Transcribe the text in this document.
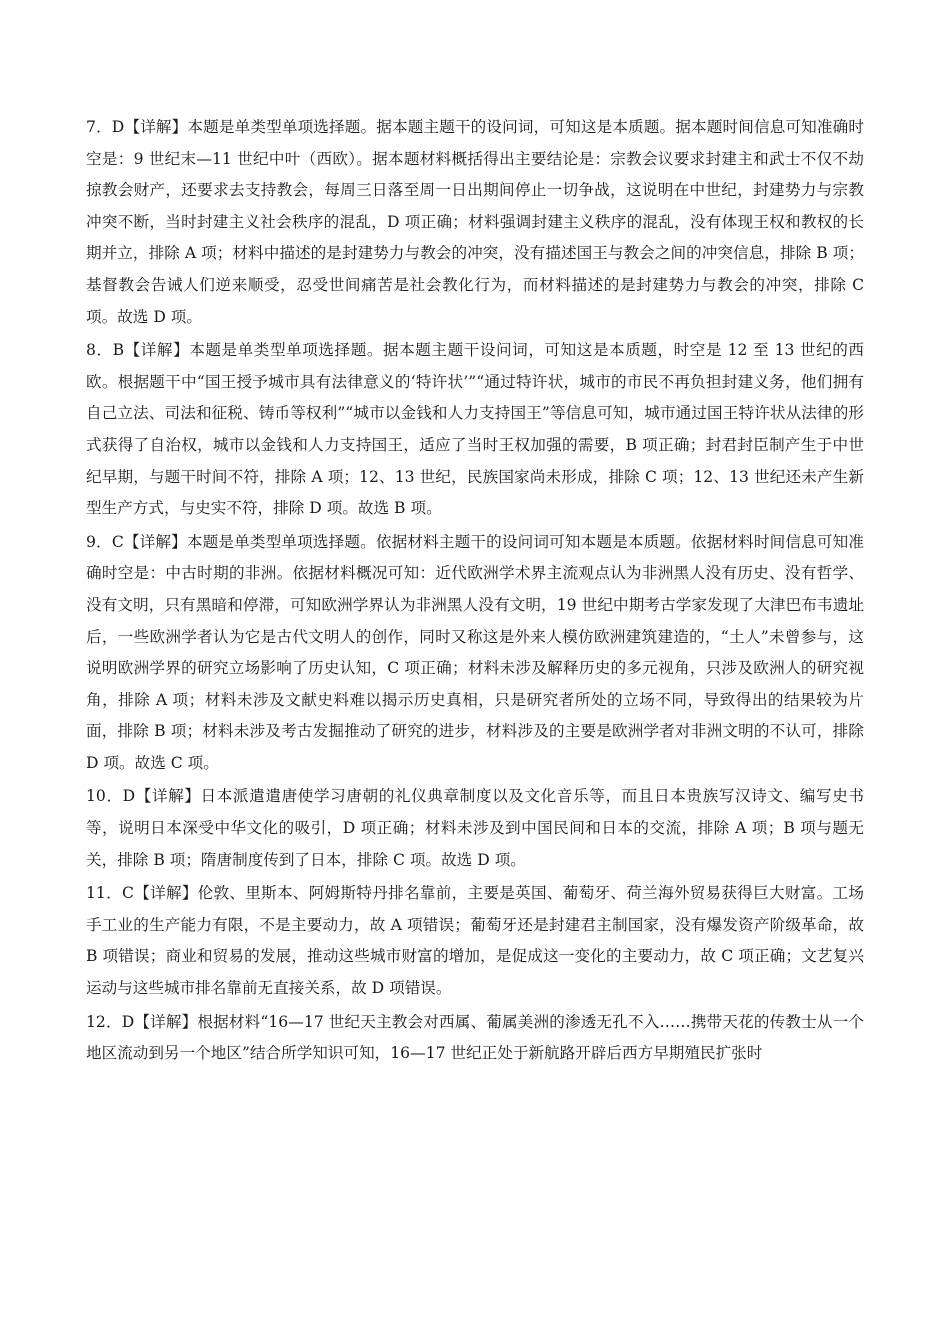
7．D【详解】本题是单类型单项选择题。据本题主题干的设问词，可知这是本质题。据本题时间信息可知准确时空是：9 世纪末—11 世纪中叶（西欧）。据本题材料概括得出主要结论是：宗教会议要求封建主和武士不仅不劫掠教会财产，还要求去支持教会，每周三日落至周一日出期间停止一切争战，这说明在中世纪，封建势力与宗教冲突不断，当时封建主义社会秩序的混乱，D 项正确；材料强调封建主义秩序的混乱，没有体现王权和教权的长期并立，排除 A 项；材料中描述的是封建势力与教会的冲突，没有描述国王与教会之间的冲突信息，排除 B 项；基督教会告诫人们逆来顺受，忍受世间痛苦是社会教化行为，而材料描述的是封建势力与教会的冲突，排除 C 项。故选 D 项。

8．B【详解】本题是单类型单项选择题。据本题主题干设问词，可知这是本质题，时空是 12 至 13 世纪的西欧。根据题干中“国王授予城市具有法律意义的‘特许状’”“通过特许状，城市的市民不再负担封建义务，他们拥有自己立法、司法和征税、铸币等权利”“城市以金钱和人力支持国王”等信息可知，城市通过国王特许状从法律的形式获得了自治权，城市以金钱和人力支持国王，适应了当时王权加强的需要，B 项正确；封君封臣制产生于中世纪早期，与题干时间不符，排除 A 项；12、13 世纪，民族国家尚未形成，排除 C 项；12、13 世纪还未产生新型生产方式，与史实不符，排除 D 项。故选 B 项。

9．C【详解】本题是单类型单项选择题。依据材料主题干的设问词可知本题是本质题。依据材料时间信息可知准确时空是：中古时期的非洲。依据材料概况可知：近代欧洲学术界主流观点认为非洲黑人没有历史、没有哲学、没有文明，只有黑暗和停滞，可知欧洲学界认为非洲黑人没有文明，19 世纪中期考古学家发现了大津巴布韦遗址后，一些欧洲学者认为它是古代文明人的创作，同时又称这是外来人模仿欧洲建筑建造的，“土人”未曾参与，这说明欧洲学界的研究立场影响了历史认知，C 项正确；材料未涉及解释历史的多元视角，只涉及欧洲人的研究视角，排除 A 项；材料未涉及文献史料难以揭示历史真相，只是研究者所处的立场不同，导致得出的结果较为片面，排除 B 项；材料未涉及考古发掘推动了研究的进步，材料涉及的主要是欧洲学者对非洲文明的不认可，排除 D 项。故选 C 项。

10．D【详解】日本派遣遣唐使学习唐朝的礼仪典章制度以及文化音乐等，而且日本贵族写汉诗文、编写史书等，说明日本深受中华文化的吸引，D 项正确；材料未涉及到中国民间和日本的交流，排除 A 项；B 项与题无关，排除 B 项；隋唐制度传到了日本，排除 C 项。故选 D 项。

11．C【详解】伦敦、里斯本、阿姆斯特丹排名靠前，主要是英国、葡萄牙、荷兰海外贸易获得巨大财富。工场手工业的生产能力有限，不是主要动力，故 A 项错误；葡萄牙还是封建君主制国家，没有爆发资产阶级革命，故 B 项错误；商业和贸易的发展，推动这些城市财富的增加，是促成这一变化的主要动力，故 C 项正确；文艺复兴运动与这些城市排名靠前无直接关系，故 D 项错误。

12．D【详解】根据材料“16—17 世纪天主教会对西属、葡属美洲的渗透无孔不入……携带天花的传教士从一个地区流动到另一个地区”结合所学知识可知，16—17 世纪正处于新航路开辟后西方早期殖民扩张时
